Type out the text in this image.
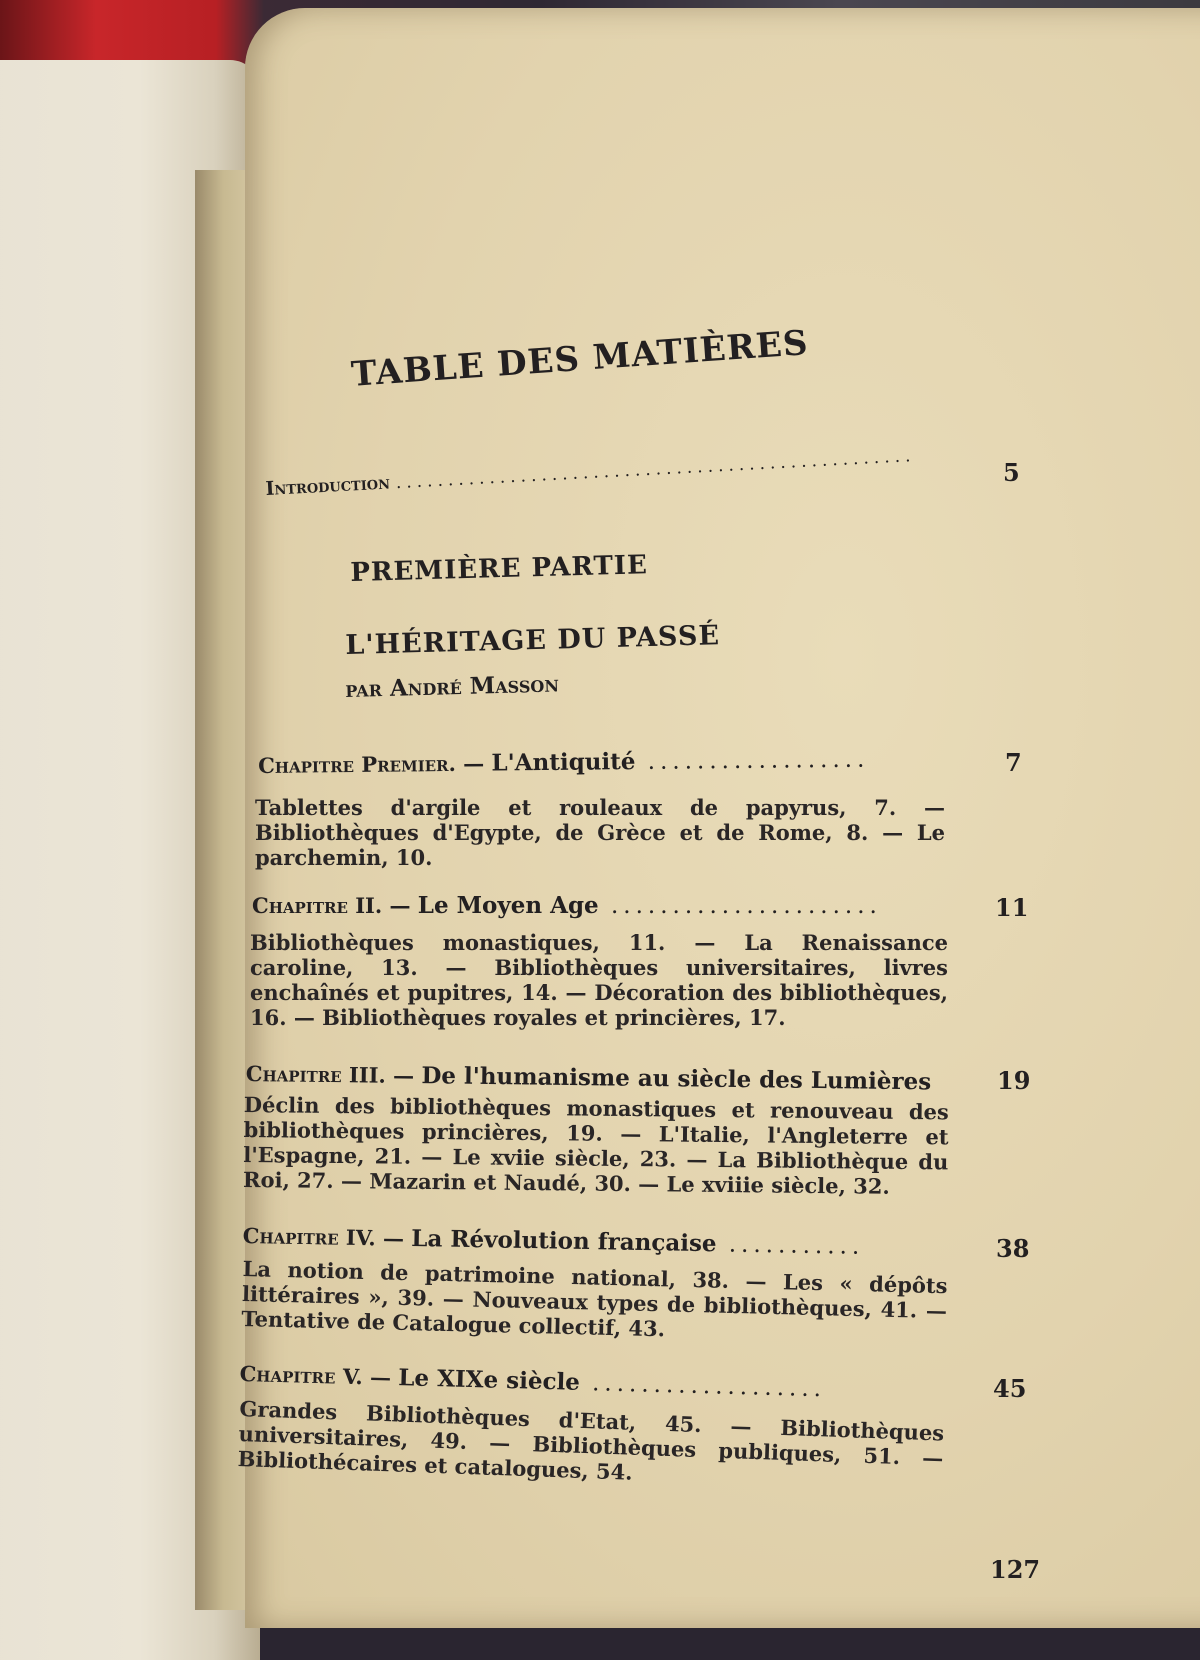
TABLE DES MATIÈRES
Introduction ..................................................	5
PREMIÈRE PARTIE
L'HÉRITAGE DU PASSÉ
par André Masson
Chapitre Premier. — L'Antiquité ..................	7
Tablettes d'argile et rouleaux de papyrus, 7. — Bibliothèques d'Egypte, de Grèce et de Rome, 8. — Le parchemin, 10.
Chapitre II. — Le Moyen Age ......................	11
Bibliothèques monastiques, 11. — La Renaissance caroline, 13. — Bibliothèques universitaires, livres enchaînés et pupitres, 14. — Décoration des bibliothèques, 16. — Bibliothèques royales et princières, 17.
Chapitre III. — De l'humanisme au siècle des Lumières	19
Déclin des bibliothèques monastiques et renouveau des bibliothèques princières, 19. — L'Italie, l'Angleterre et l'Espagne, 21. — Le xviie siècle, 23. — La Bibliothèque du Roi, 27. — Mazarin et Naudé, 30. — Le xviiie siècle, 32.
Chapitre IV. — La Révolution française ...........	38
La notion de patrimoine national, 38. — Les « dépôts littéraires », 39. — Nouveaux types de bibliothèques, 41. — Tentative de Catalogue collectif, 43.
Chapitre V. — Le XIXe siècle ...................	45
Grandes Bibliothèques d'Etat, 45. — Bibliothèques universitaires, 49. — Bibliothèques publiques, 51. — Bibliothécaires et catalogues, 54.
127
